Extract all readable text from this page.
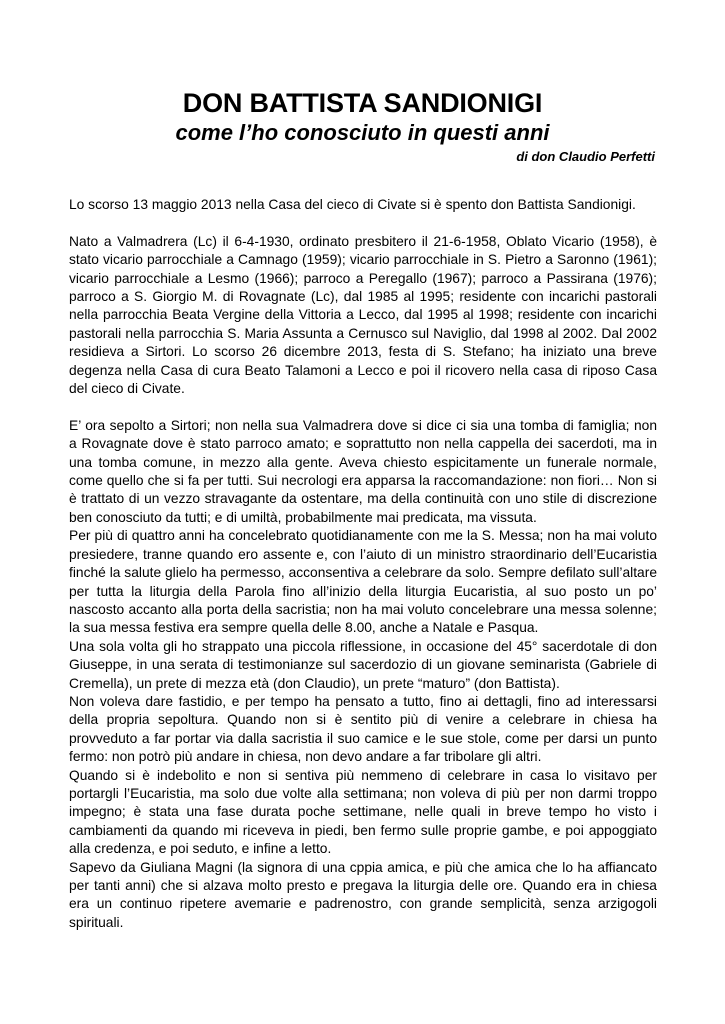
DON BATTISTA SANDIONIGI
come l’ho conosciuto in questi anni
di don Claudio Perfetti

Lo scorso 13 maggio 2013 nella Casa del cieco di Civate si è spento don Battista Sandionigi.

Nato a Valmadrera (Lc) il 6-4-1930, ordinato presbitero il 21-6-1958, Oblato Vicario (1958), è stato vicario parrocchiale a Camnago (1959); vicario parrocchiale in S. Pietro a Saronno (1961); vicario parrocchiale a Lesmo (1966); parroco a Peregallo (1967); parroco a Passirana (1976); parroco a S. Giorgio M. di Rovagnate (Lc), dal 1985 al 1995; residente con incarichi pastorali nella parrocchia Beata Vergine della Vittoria a Lecco, dal 1995 al 1998; residente con incarichi pastorali nella parrocchia S. Maria Assunta a Cernusco sul Naviglio, dal 1998 al 2002. Dal 2002 residieva a Sirtori. Lo scorso 26 dicembre 2013, festa di S. Stefano; ha iniziato una breve degenza nella Casa di cura Beato Talamoni a Lecco e poi il ricovero nella casa di riposo Casa del cieco di Civate.

E’ ora sepolto a Sirtori; non nella sua Valmadrera dove si dice ci sia una tomba di famiglia; non a Rovagnate dove è stato parroco amato; e soprattutto non nella cappella dei sacerdoti, ma in una tomba comune, in mezzo alla gente. Aveva chiesto espicitamente un funerale normale, come quello che si fa per tutti. Sui necrologi era apparsa la raccomandazione: non fiori… Non si è trattato di un vezzo stravagante da ostentare, ma della continuità con uno stile di discrezione ben conosciuto da tutti; e di umiltà, probabilmente mai predicata, ma vissuta.

Per più di quattro anni ha concelebrato quotidianamente con me la S. Messa; non ha mai voluto presiedere, tranne quando ero assente e, con l’aiuto di un ministro straordinario dell’Eucaristia finché la salute glielo ha permesso, acconsentiva a celebrare da solo. Sempre defilato sull’altare per tutta la liturgia della Parola fino all’inizio della liturgia Eucaristia, al suo posto un po’ nascosto accanto alla porta della sacristia; non ha mai voluto concelebrare una messa solenne; la sua messa festiva era sempre quella delle 8.00, anche a Natale e Pasqua.

Una sola volta gli ho strappato una piccola riflessione, in occasione del 45° sacerdotale di don Giuseppe, in una serata di testimonianze sul sacerdozio di un giovane seminarista (Gabriele di Cremella), un prete di mezza età (don Claudio), un prete “maturo” (don Battista).

Non voleva dare fastidio, e per tempo ha pensato a tutto, fino ai dettagli, fino ad interessarsi della propria sepoltura. Quando non si è sentito più di venire a celebrare in chiesa ha provveduto a far portar via dalla sacristia il suo camice e le sue stole, come per darsi un punto fermo: non potrò più andare in chiesa, non devo andare a far tribolare gli altri.

Quando si è indebolito e non si sentiva più nemmeno di celebrare in casa lo visitavo per portargli l’Eucaristia, ma solo due volte alla settimana; non voleva di più per non darmi troppo impegno; è stata una fase durata poche settimane, nelle quali in breve tempo ho visto i cambiamenti da quando mi riceveva in piedi, ben fermo sulle proprie gambe, e poi appoggiato alla credenza, e poi seduto, e infine a letto.

Sapevo da Giuliana Magni (la signora di una cppia amica, e più che amica che lo ha affiancato per tanti anni) che si alzava molto presto e pregava la liturgia delle ore. Quando era in chiesa era un continuo ripetere avemarie e padrenostro, con grande semplicità, senza arzigogoli spirituali.
